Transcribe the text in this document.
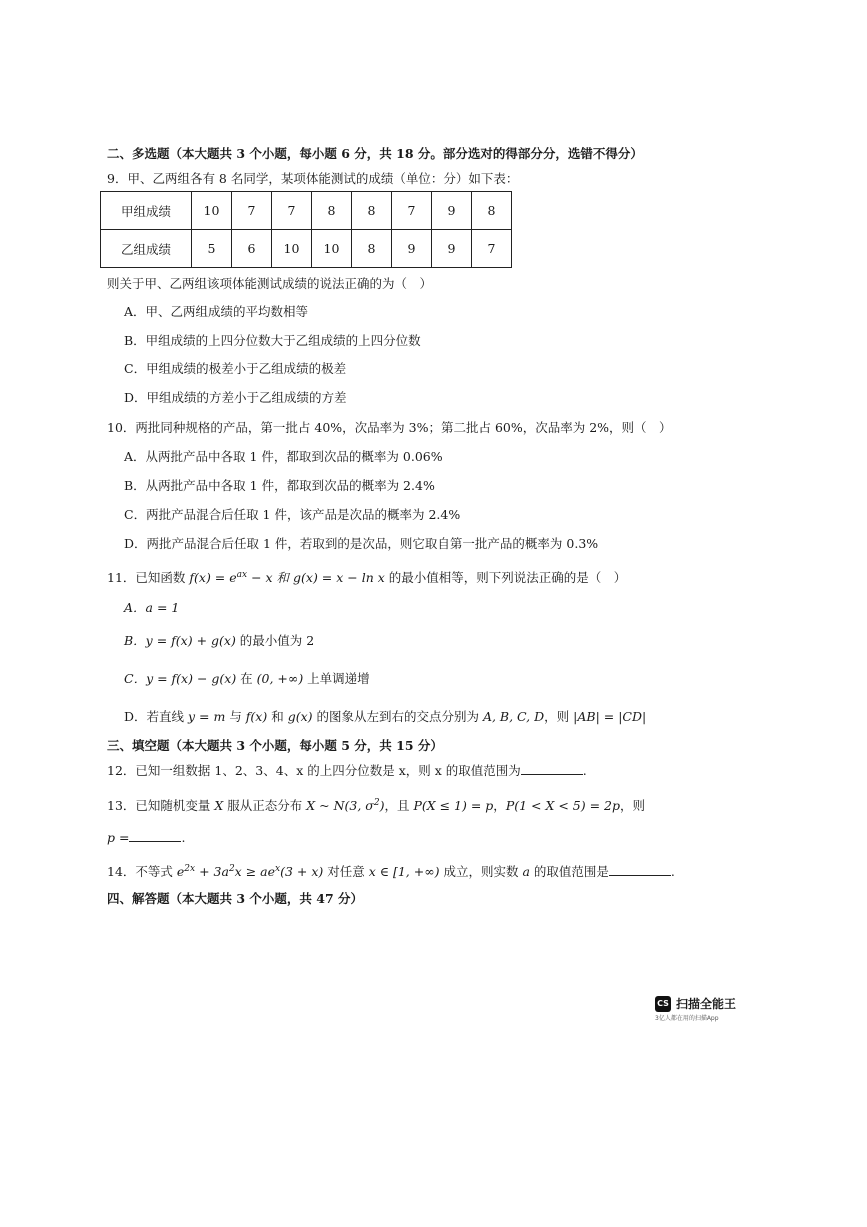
二、多选题（本大题共 3 个小题，每小题 6 分，共 18 分。部分选对的得部分分，选错不得分）
9．甲、乙两组各有 8 名同学，某项体能测试的成绩（单位：分）如下表：
甲组成绩	10	7	7	8	8	7	9	8
乙组成绩	5	6	10	10	8	9	9	7
则关于甲、乙两组该项体能测试成绩的说法正确的为（　）
A．甲、乙两组成绩的平均数相等
B．甲组成绩的上四分位数大于乙组成绩的上四分位数
C．甲组成绩的极差小于乙组成绩的极差
D．甲组成绩的方差小于乙组成绩的方差
10．两批同种规格的产品，第一批占 40%，次品率为 3%；第二批占 60%，次品率为 2%，则（　）
A．从两批产品中各取 1 件，都取到次品的概率为 0.06%
B．从两批产品中各取 1 件，都取到次品的概率为 2.4%
C．两批产品混合后任取 1 件，该产品是次品的概率为 2.4%
D．两批产品混合后任取 1 件，若取到的是次品，则它取自第一批产品的概率为 0.3%
11．已知函数 $f(x) = e^{ax} - x$ 和 g(x) = x − ln x 的最小值相等，则下列说法正确的是（　）
A．a = 1
B．y = f(x) + g(x) 的最小值为 2
C．y = f(x) − g(x) 在 (0, +∞) 上单调递增
D．若直线 y = m 与 f(x) 和 g(x) 的图象从左到右的交点分别为 A, B, C, D，则 |AB| = |CD|
三、填空题（本大题共 3 个小题，每小题 5 分，共 15 分）
12．已知一组数据 1、2、3、4、x 的上四分位数是 x，则 x 的取值范围为	.
13．已知随机变量 X 服从正态分布 X ~ N(3, $\sigma^2$)，且 P(X ≤ 1) = p，P(1 < X < 5) = 2p，则
p =	.
14．不等式 $e^{2x} + 3a^2x \ge ae^x(3 + x)$ 对任意 x ∈ [1, +∞) 成立，则实数 a 的取值范围是	.
四、解答题（本大题共 3 个小题，共 47 分）
CS 扫描全能王
3亿人都在用的扫描App
